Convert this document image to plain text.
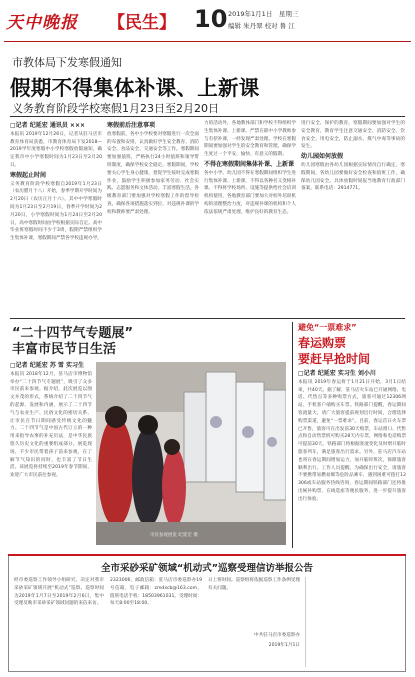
天中晚报 【民生】 10 2019年1月1日　星期三
编辑 朱丹翠 校对 鲁 江
市教体局下发寒假通知
假期不得集体补课、上新课
义务教育阶段学校寒假1月23日至2月20日
□记者 纪延宏 通讯员 ×××
本报讯 2019年12月26日，记者从驻马店市教育体育局获悉，市教育体育局下发2018—2019学年度寒假中小学校寒假放假通知，确定我市中小学寒假时间为1月23日至2月20日。
寒假起止时间
义务教育阶段学校寒假自2019年1月23日（农历腊月十八）开始，春季学期开学时间为2月20日（农历正月十六）。其中中学寒假时间为1月23日至2月19日，春季开学时间为2月20日，小学寒假时间为1月24日至2月20日，高中寒假时间由学校根据实际自定。高中毕业班寒假时间不少于3周，假期严禁组织学生集体补课，寒假期间严禁各学校违规办学。
寒假前后注意事项
放寒假前，各中小学校要对寒假进行一次全面的布置和安排，认真做好学生安全教育、消防安全、食品安全、交通安全等工作。寒假期间要加强值班，严格执行24小时值班和领导带班制度，确保学校安全稳定。寒假期间，学校要关心学生身心健康，督促学生按时完成寒假作业，鼓励学生积极参加家务劳动、社会实践、志愿服务和文体活动，丰富寒假生活。各级教育部门要加强对学校寒假工作的督导检查，确保各项措施落实到位，对违规补课的学校和教师要严肃处理。
力的活动外，各地教体部门和学校不得组织学生集体补课、上新课。严禁在职中小学教师参与有偿补课，一经发现严肃处理。学校在寒假期间要加强对学生的安全教育和管理，确保学生度过一个平安、愉快、有意义的假期。
不得在寒假期间集体补课、上新课
各中小学、幼儿园不得在寒假期间组织学生进行集体补课、上新课，不得以各种名义变相补课。不得将学校场所、设施等提供给社会培训机构使用，各地教育部门要加大对校外培训机构的清理整治力度，对违规补课的机构和个人依法依规严肃处理，维护良好的教育生态。
进行安全、保护的教育，寒假期间要加强对学生的安全教育，教育学生注意交通安全、消防安全、饮食安全、用电安全，防止溺水、煤气中毒等事故的发生。
幼儿园如何放假
幼儿园寒假由各幼儿园根据实际情况自行确定，寒假期间，各幼儿园要做好安全检查和值班工作，确保幼儿园安全。具体放假时间报当地教育行政部门备案。联系电话：2914771。
“二十四节气专题展”
丰富市民节日生活
□记者 纪延宏 苏 雪 实习生
本报讯 2018年12月，驻马店市博物馆举办“二十四节气专题展”，吸引了众多市民前来参观。据介绍，此次展览以图文并茂的形式，系统介绍了二十四节气的起源、发展和内涵，展示了二十四节气与农业生产、民俗文化的密切关系，让市民在节日期间感受传统文化的魅力。二十四节气是中国古代订立的一种用来指导农事的补充历法，是中华民族悠久历史文化的重要组成部分。展览现场，不少市民带着孩子前来参观，在了解节气知识的同时，也丰富了节日生活。该展览将持续至2019年春节期间，欢迎广大市民前往参观。
市民参观展览 纪延宏 摄
避免“一票难求”
春运购票
要赶早抢时间
□记者 纪延宏 实习生 刘小川
本报讯 2019年春运将于1月21日开始，3月1日结束，共40天。据了解，驻马店火车站已开通网络、电话、代售点等多种购票方式，旅客可通过12306网站、手机客户端购买车票。铁路部门提醒，春运期间客流量大，请广大旅客提前规划出行时间，合理选择购票渠道，避免“一票难求”。目前，春运首日火车票已开售，旅客可在出发前30天购票，车站窗口、代售点和自动售票机可购买28天内车票，网络和电话购票可提前30天。铁路部门将根据客流变化及时增开临时旅客列车，满足旅客出行需求。另外，驻马店汽车站也将在春运期间增加运力，加开临时班次，保障旅客顺利出行。工作人员提醒，为确保出行安全，请旅客不要携带易燃易爆等危险品乘车，遇到困难可拨打12306或车站服务热线咨询，春运期间铁路部门还将推出候补购票、在线选座等便民服务，进一步提升旅客出行体验。
全市采砂采矿领域“机动式”巡察受理信访举报公告
经市委巡察工作领导小组研究，决定对我市采砂采矿领域开展“机动式”巡察。巡察时间为2019年1月7日至2019年2月6日，集中受理反映市采砂采矿领域问题的来信来访。
2323006，邮政信箱：驻马店市委巡察办19号信箱，电子邮箱：zmdxcb@163.com，值班电话手机：18503961031。受理时间：每天8:00至18:00。
日上班时间。巡察组将依据巡察工作条例受理有关问题。
中共驻马店市委巡察办
2019年1月1日
